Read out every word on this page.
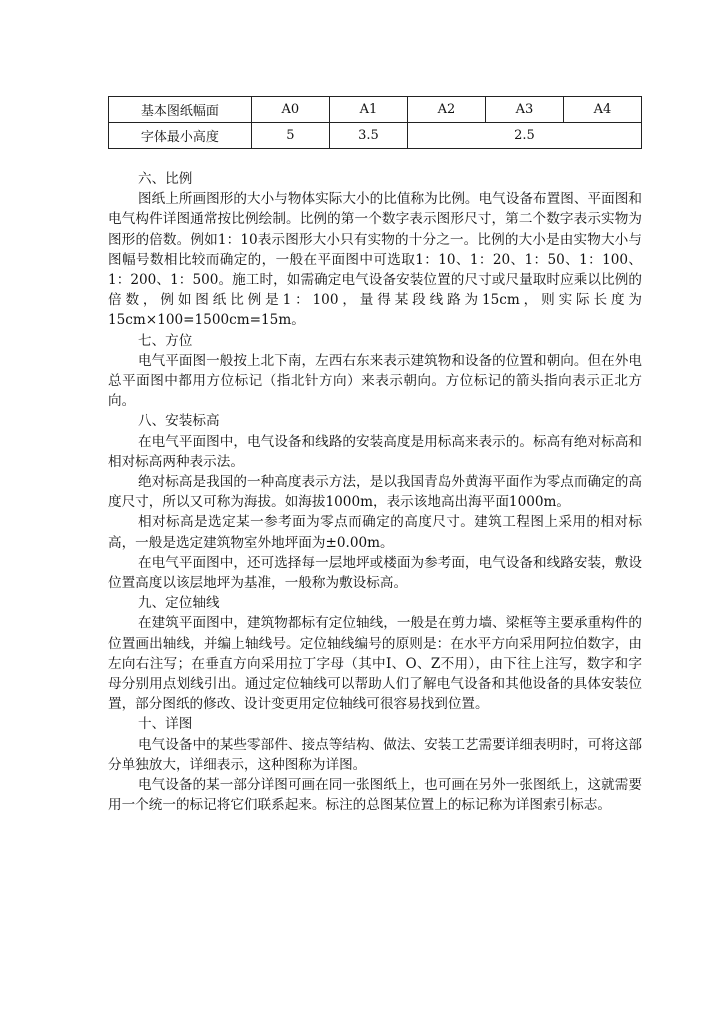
基本图纸幅面	A0	A1	A2	A3	A4
字体最小高度	5	3.5	2.5		
六、比例

图纸上所画图形的大小与物体实际大小的比值称为比例。电气设备布置图、平面图和电气构件详图通常按比例绘制。比例的第一个数字表示图形尺寸，第二个数字表示实物为图形的倍数。例如1：10表示图形大小只有实物的十分之一。比例的大小是由实物大小与图幅号数相比较而确定的，一般在平面图中可选取1：10、1：20、1：50、1：100、1：200、1：500。施工时，如需确定电气设备安装位置的尺寸或尺量取时应乘以比例的倍数，例如图纸比例是1：100，量得某段线路为15cm，则实际长度为15cm×100=1500cm=15m。

七、方位

电气平面图一般按上北下南，左西右东来表示建筑物和设备的位置和朝向。但在外电总平面图中都用方位标记（指北针方向）来表示朝向。方位标记的箭头指向表示正北方向。

八、安装标高

在电气平面图中，电气设备和线路的安装高度是用标高来表示的。标高有绝对标高和相对标高两种表示法。

绝对标高是我国的一种高度表示方法，是以我国青岛外黄海平面作为零点而确定的高度尺寸，所以又可称为海拔。如海拔1000m，表示该地高出海平面1000m。

相对标高是选定某一参考面为零点而确定的高度尺寸。建筑工程图上采用的相对标高，一般是选定建筑物室外地坪面为±0.00m。

在电气平面图中，还可选择每一层地坪或楼面为参考面，电气设备和线路安装，敷设位置高度以该层地坪为基准，一般称为敷设标高。

九、定位轴线

在建筑平面图中，建筑物都标有定位轴线，一般是在剪力墙、梁框等主要承重构件的位置画出轴线，并编上轴线号。定位轴线编号的原则是：在水平方向采用阿拉伯数字，由左向右注写；在垂直方向采用拉丁字母（其中I、O、Z不用），由下往上注写，数字和字母分别用点划线引出。通过定位轴线可以帮助人们了解电气设备和其他设备的具体安装位置，部分图纸的修改、设计变更用定位轴线可很容易找到位置。

十、详图

电气设备中的某些零部件、接点等结构、做法、安装工艺需要详细表明时，可将这部分单独放大，详细表示，这种图称为详图。

电气设备的某一部分详图可画在同一张图纸上，也可画在另外一张图纸上，这就需要用一个统一的标记将它们联系起来。标注的总图某位置上的标记称为详图索引标志。
